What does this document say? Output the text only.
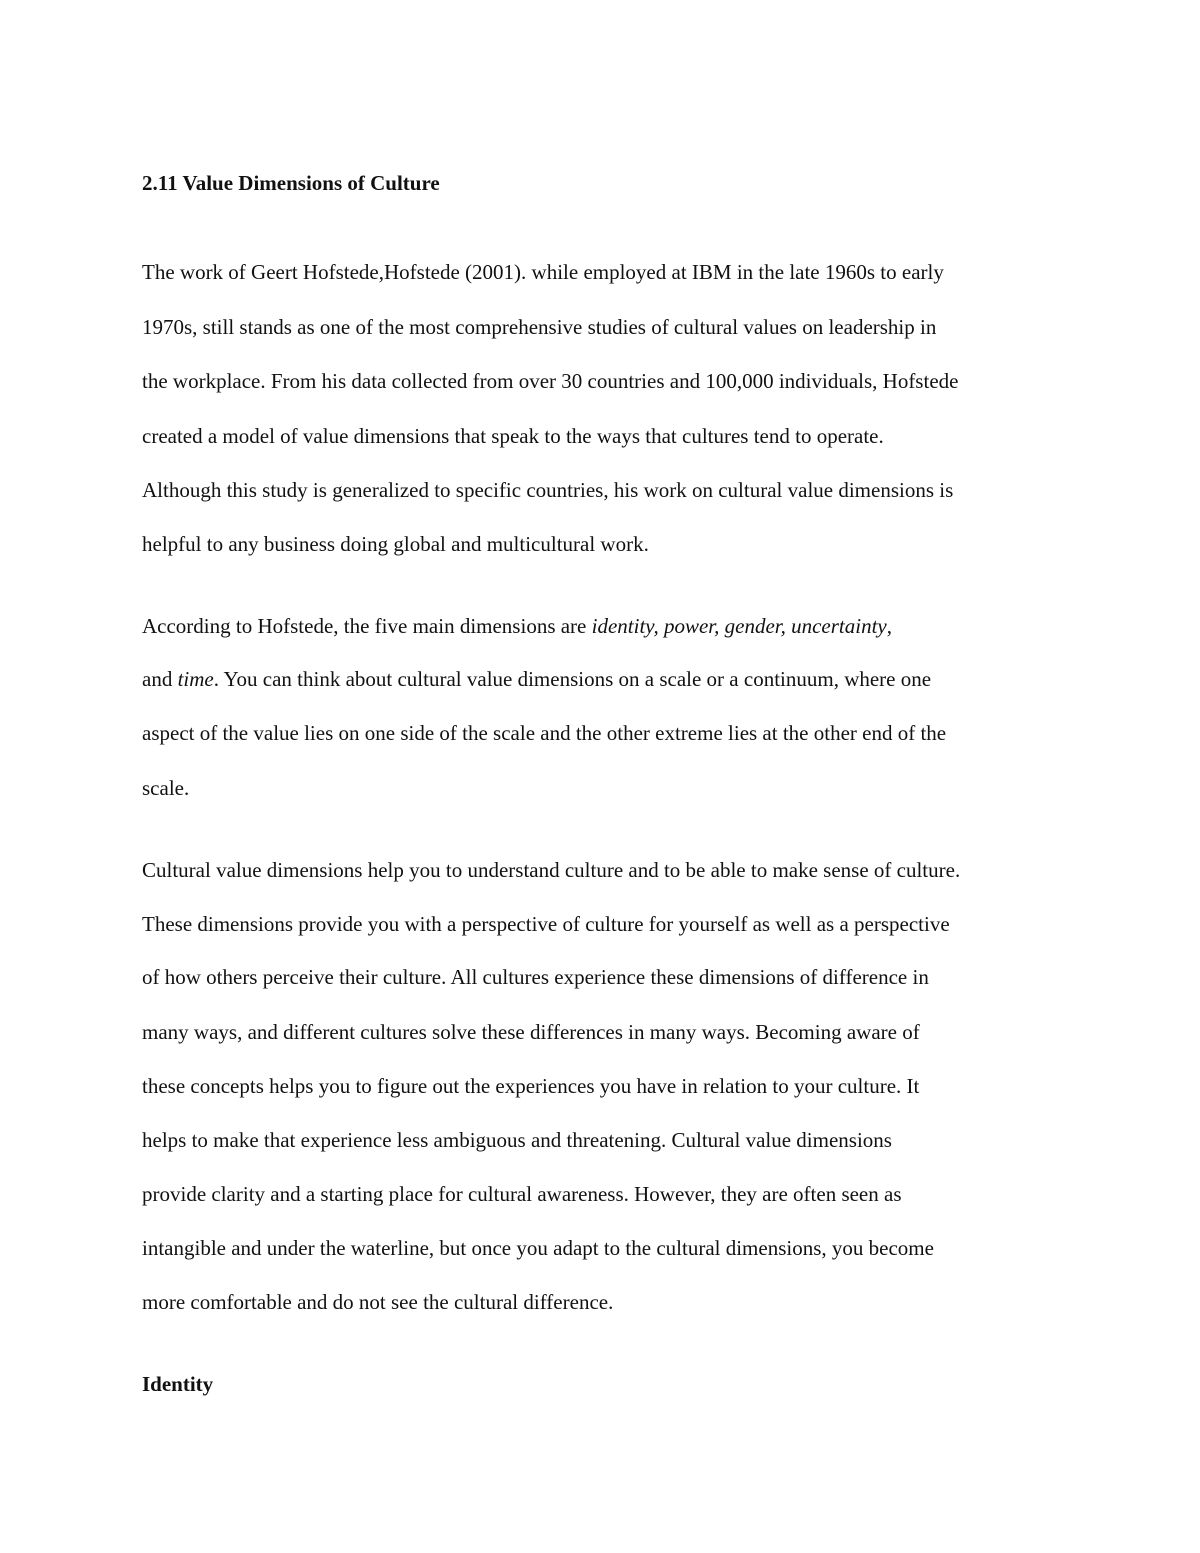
2.11 Value Dimensions of Culture

The work of Geert Hofstede,Hofstede (2001). while employed at IBM in the late 1960s to early

1970s, still stands as one of the most comprehensive studies of cultural values on leadership in

the workplace. From his data collected from over 30 countries and 100,000 individuals, Hofstede

created a model of value dimensions that speak to the ways that cultures tend to operate.

Although this study is generalized to specific countries, his work on cultural value dimensions is

helpful to any business doing global and multicultural work.

According to Hofstede, the five main dimensions are identity, power, gender, uncertainty,

and time. You can think about cultural value dimensions on a scale or a continuum, where one

aspect of the value lies on one side of the scale and the other extreme lies at the other end of the

scale.

Cultural value dimensions help you to understand culture and to be able to make sense of culture.

These dimensions provide you with a perspective of culture for yourself as well as a perspective

of how others perceive their culture. All cultures experience these dimensions of difference in

many ways, and different cultures solve these differences in many ways. Becoming aware of

these concepts helps you to figure out the experiences you have in relation to your culture. It

helps to make that experience less ambiguous and threatening. Cultural value dimensions

provide clarity and a starting place for cultural awareness. However, they are often seen as

intangible and under the waterline, but once you adapt to the cultural dimensions, you become

more comfortable and do not see the cultural difference.

Identity
